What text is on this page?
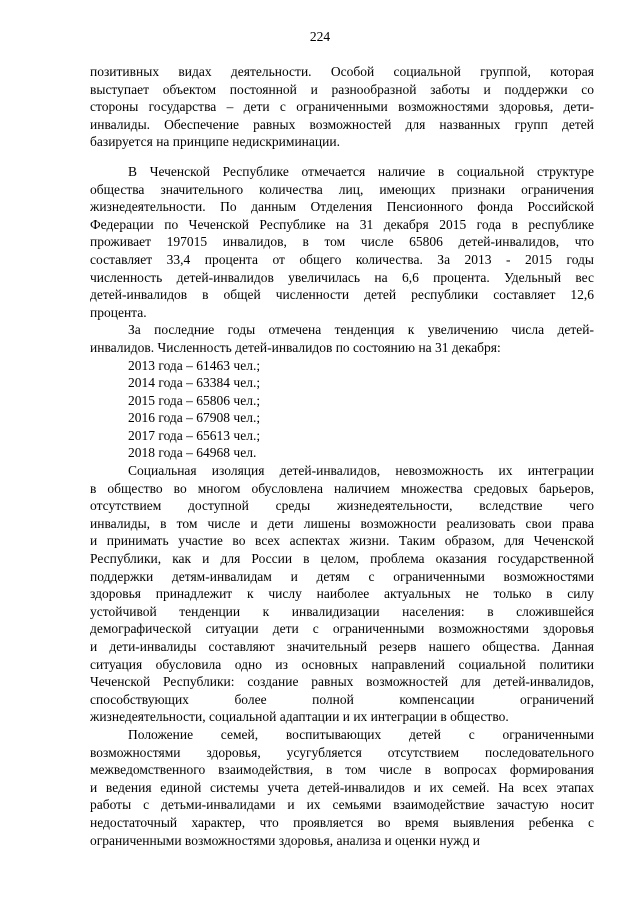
224
позитивных видах деятельности. Особой социальной группой, которая
выступает объектом постоянной и разнообразной заботы и поддержки со
стороны государства – дети с ограниченными возможностями здоровья, дети-
инвалиды. Обеспечение равных возможностей для названных групп детей
базируется на принципе недискриминации.
В Чеченской Республике отмечается наличие в социальной структуре
общества значительного количества лиц, имеющих признаки ограничения
жизнедеятельности. По данным Отделения Пенсионного фонда Российской
Федерации по Чеченской Республике на 31 декабря 2015 года в республике
проживает 197015 инвалидов, в том числе 65806 детей-инвалидов, что
составляет 33,4 процента от общего количества. За 2013 - 2015 годы
численность детей-инвалидов увеличилась на 6,6 процента. Удельный вес
детей-инвалидов в общей численности детей республики составляет 12,6
процента.
За последние годы отмечена тенденция к увеличению числа детей-
инвалидов. Численность детей-инвалидов по состоянию на 31 декабря:
2013 года – 61463 чел.;
2014 года – 63384 чел.;
2015 года – 65806 чел.;
2016 года – 67908 чел.;
2017 года – 65613 чел.;
2018 года – 64968 чел.
Социальная изоляция детей-инвалидов, невозможность их интеграции
в общество во многом обусловлена наличием множества средовых барьеров,
отсутствием доступной среды жизнедеятельности, вследствие чего
инвалиды, в том числе и дети лишены возможности реализовать свои права
и принимать участие во всех аспектах жизни. Таким образом, для Чеченской
Республики, как и для России в целом, проблема оказания государственной
поддержки детям-инвалидам и детям с ограниченными возможностями
здоровья принадлежит к числу наиболее актуальных не только в силу
устойчивой тенденции к инвалидизации населения: в сложившейся
демографической ситуации дети с ограниченными возможностями здоровья
и дети-инвалиды составляют значительный резерв нашего общества. Данная
ситуация обусловила одно из основных направлений социальной политики
Чеченской Республики: создание равных возможностей для детей-инвалидов,
способствующих более полной компенсации ограничений
жизнедеятельности, социальной адаптации и их интеграции в общество.
Положение семей, воспитывающих детей с ограниченными
возможностями здоровья, усугубляется отсутствием последовательного
межведомственного взаимодействия, в том числе в вопросах формирования
и ведения единой системы учета детей-инвалидов и их семей. На всех этапах
работы с детьми-инвалидами и их семьями взаимодействие зачастую носит
недостаточный характер, что проявляется во время выявления ребенка с
ограниченными возможностями здоровья, анализа и оценки нужд и
